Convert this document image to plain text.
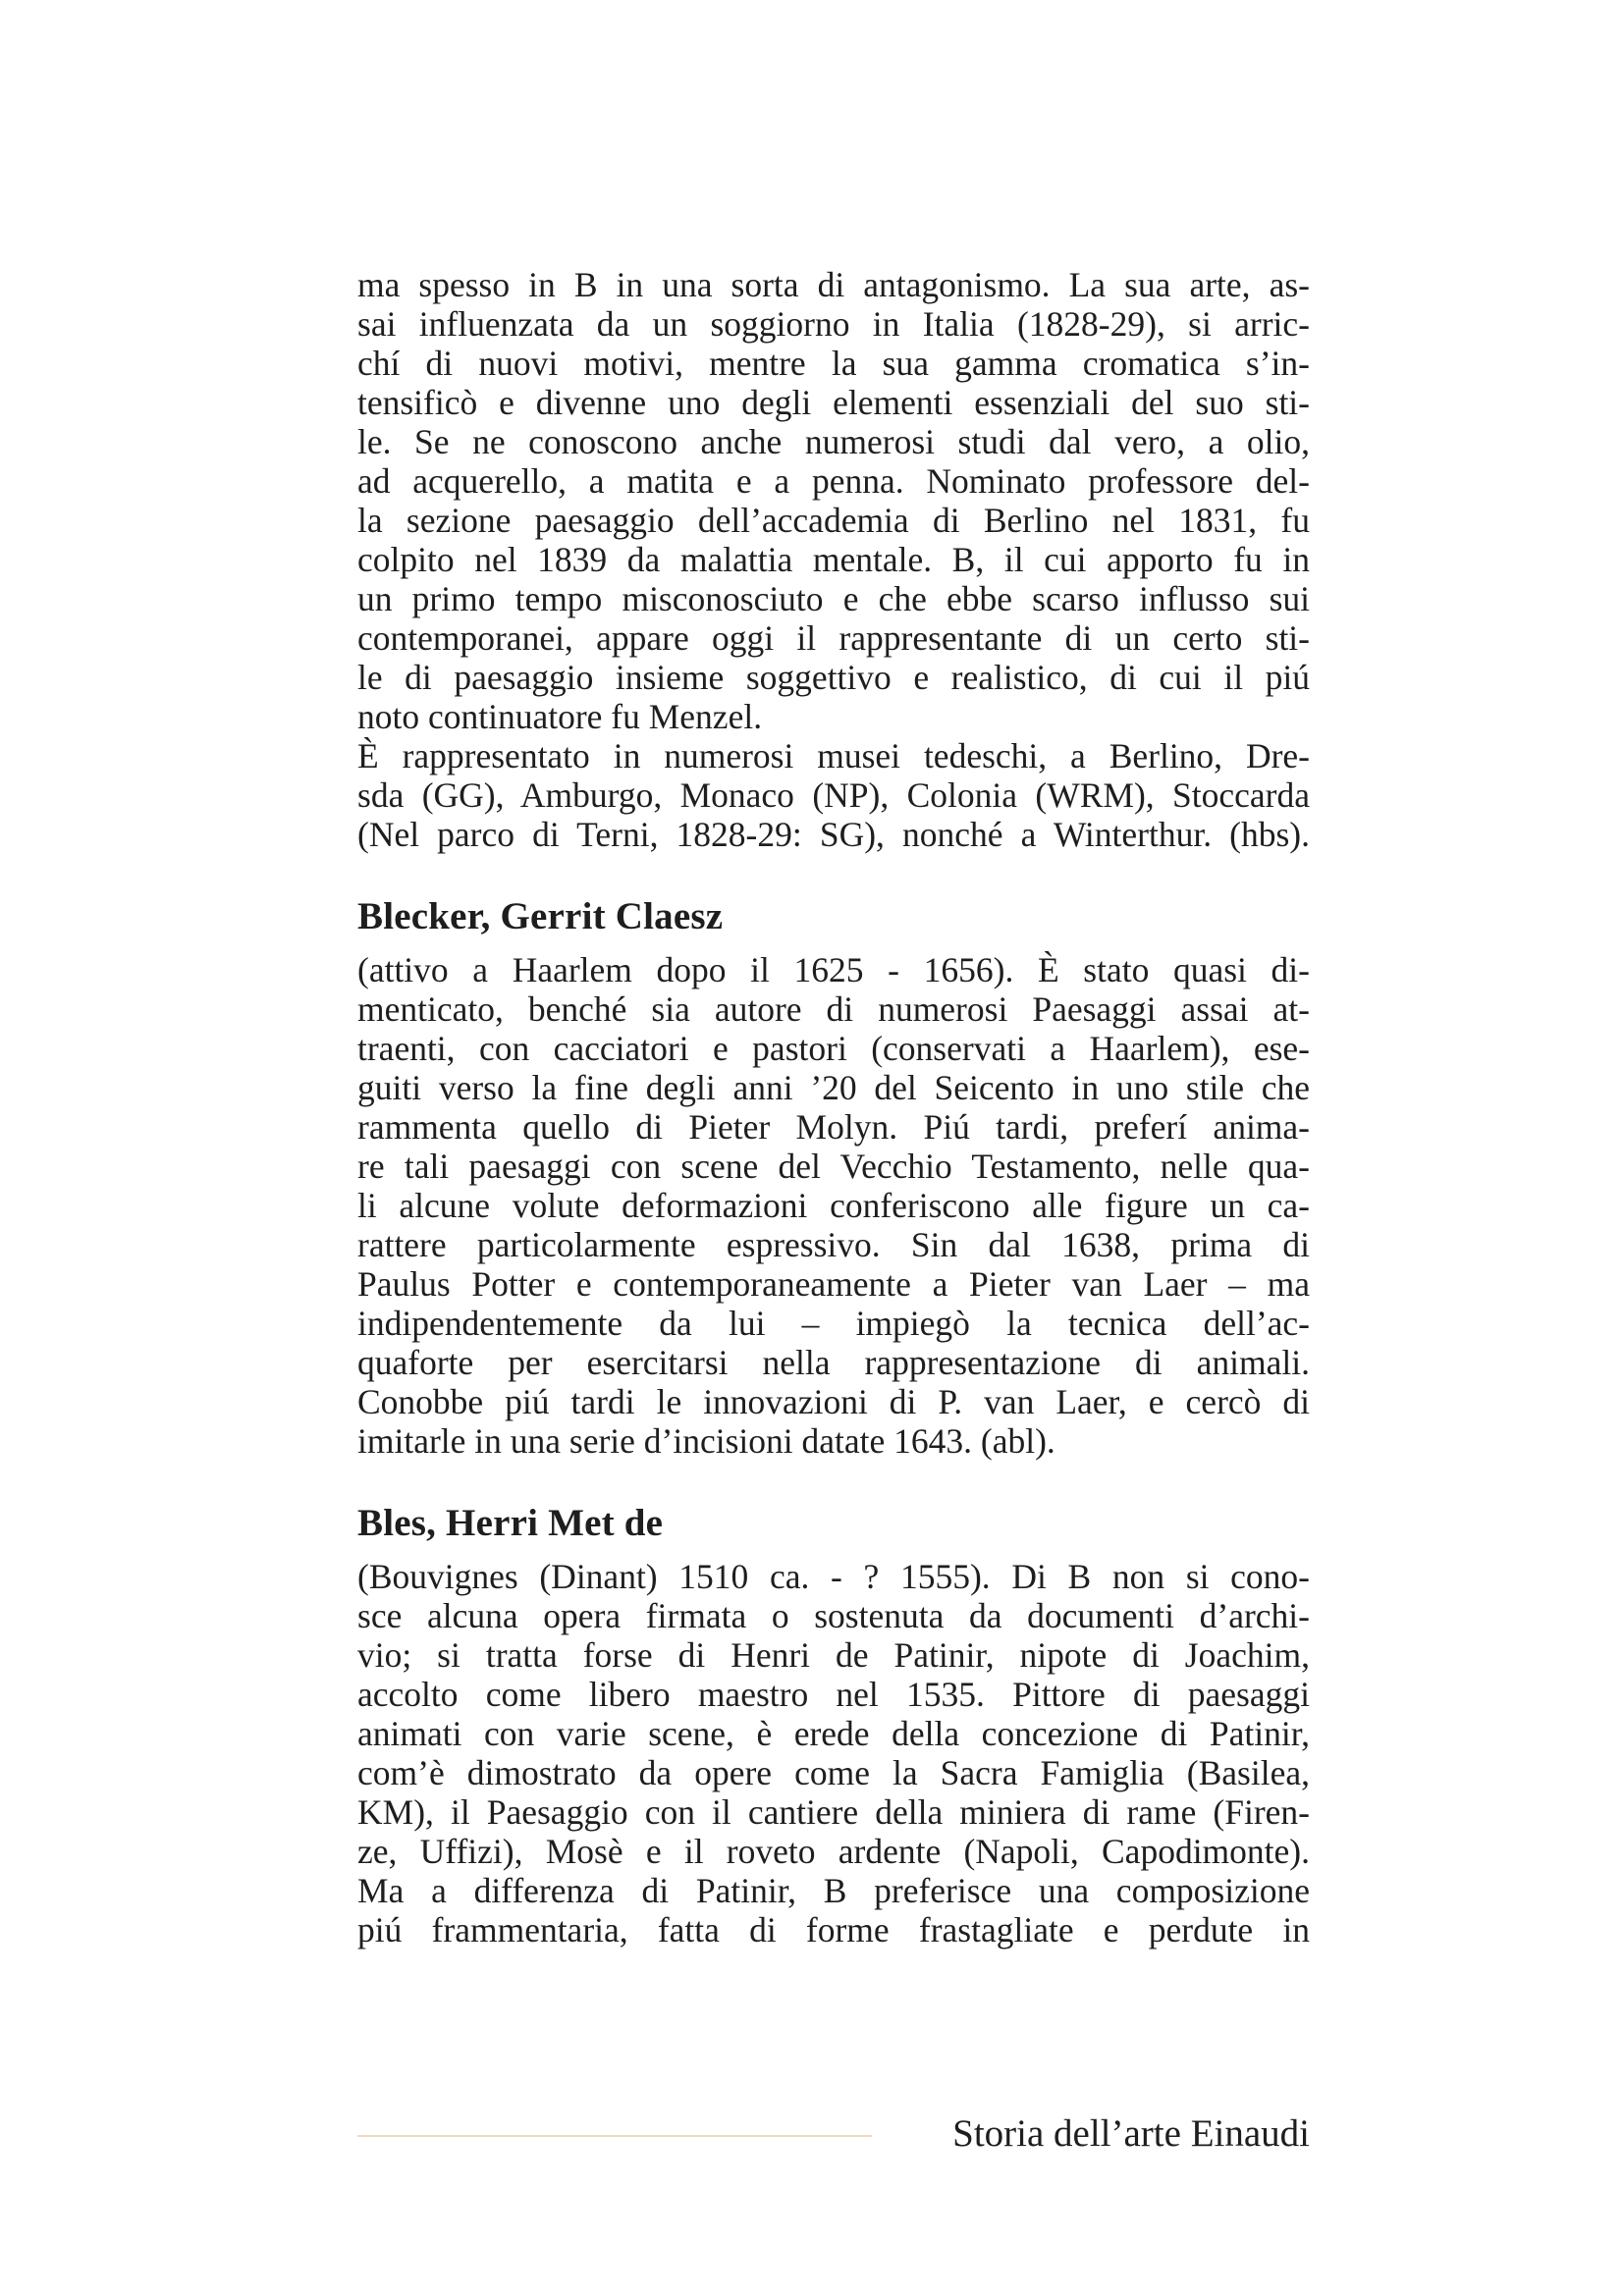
ma spesso in B in una sorta di antagonismo. La sua arte, as-
sai influenzata da un soggiorno in Italia (1828-29), si arric-
chí di nuovi motivi, mentre la sua gamma cromatica s’in-
tensificò e divenne uno degli elementi essenziali del suo sti-
le. Se ne conoscono anche numerosi studi dal vero, a olio,
ad acquerello, a matita e a penna. Nominato professore del-
la sezione paesaggio dell’accademia di Berlino nel 1831, fu
colpito nel 1839 da malattia mentale. B, il cui apporto fu in
un primo tempo misconosciuto e che ebbe scarso influsso sui
contemporanei, appare oggi il rappresentante di un certo sti-
le di paesaggio insieme soggettivo e realistico, di cui il piú
noto continuatore fu Menzel.
È rappresentato in numerosi musei tedeschi, a Berlino, Dre-
sda (GG), Amburgo, Monaco (NP), Colonia (WRM), Stoccarda
(Nel parco di Terni, 1828-29: SG), nonché a Winterthur. (hbs).
Blecker, Gerrit Claesz
(attivo a Haarlem dopo il 1625 - 1656). È stato quasi di-
menticato, benché sia autore di numerosi Paesaggi assai at-
traenti, con cacciatori e pastori (conservati a Haarlem), ese-
guiti verso la fine degli anni ’20 del Seicento in uno stile che
rammenta quello di Pieter Molyn. Piú tardi, preferí anima-
re tali paesaggi con scene del Vecchio Testamento, nelle qua-
li alcune volute deformazioni conferiscono alle figure un ca-
rattere particolarmente espressivo. Sin dal 1638, prima di
Paulus Potter e contemporaneamente a Pieter van Laer – ma
indipendentemente da lui – impiegò la tecnica dell’ac-
quaforte per esercitarsi nella rappresentazione di animali.
Conobbe piú tardi le innovazioni di P. van Laer, e cercò di
imitarle in una serie d’incisioni datate 1643. (abl).
Bles, Herri Met de
(Bouvignes (Dinant) 1510 ca. - ? 1555). Di B non si cono-
sce alcuna opera firmata o sostenuta da documenti d’archi-
vio; si tratta forse di Henri de Patinir, nipote di Joachim,
accolto come libero maestro nel 1535. Pittore di paesaggi
animati con varie scene, è erede della concezione di Patinir,
com’è dimostrato da opere come la Sacra Famiglia (Basilea,
KM), il Paesaggio con il cantiere della miniera di rame (Firen-
ze, Uffizi), Mosè e il roveto ardente (Napoli, Capodimonte).
Ma a differenza di Patinir, B preferisce una composizione
piú frammentaria, fatta di forme frastagliate e perdute in
Storia dell’arte Einaudi
